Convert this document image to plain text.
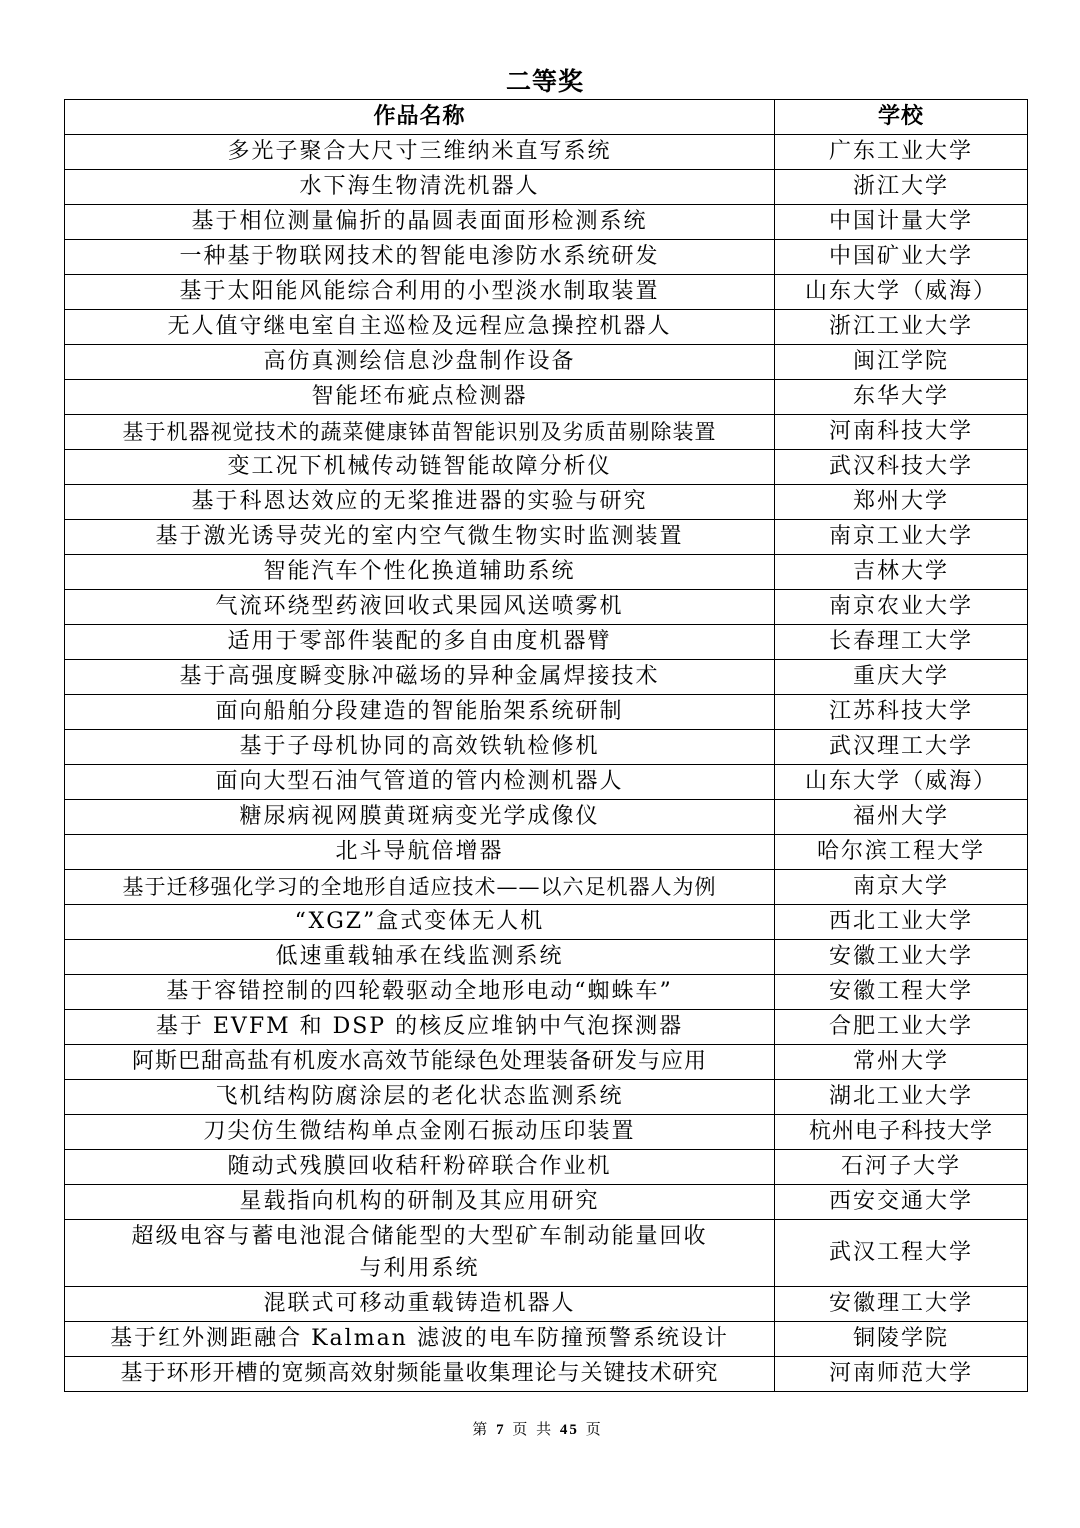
二等奖
作品名称	学校
多光子聚合大尺寸三维纳米直写系统	广东工业大学
水下海生物清洗机器人	浙江大学
基于相位测量偏折的晶圆表面面形检测系统	中国计量大学
一种基于物联网技术的智能电渗防水系统研发	中国矿业大学
基于太阳能风能综合利用的小型淡水制取装置	山东大学（威海）
无人值守继电室自主巡检及远程应急操控机器人	浙江工业大学
高仿真测绘信息沙盘制作设备	闽江学院
智能坯布疵点检测器	东华大学
基于机器视觉技术的蔬菜健康钵苗智能识别及劣质苗剔除装置	河南科技大学
变工况下机械传动链智能故障分析仪	武汉科技大学
基于科恩达效应的无桨推进器的实验与研究	郑州大学
基于激光诱导荧光的室内空气微生物实时监测装置	南京工业大学
智能汽车个性化换道辅助系统	吉林大学
气流环绕型药液回收式果园风送喷雾机	南京农业大学
适用于零部件装配的多自由度机器臂	长春理工大学
基于高强度瞬变脉冲磁场的异种金属焊接技术	重庆大学
面向船舶分段建造的智能胎架系统研制	江苏科技大学
基于子母机协同的高效铁轨检修机	武汉理工大学
面向大型石油气管道的管内检测机器人	山东大学（威海）
糖尿病视网膜黄斑病变光学成像仪	福州大学
北斗导航倍增器	哈尔滨工程大学
基于迁移强化学习的全地形自适应技术——以六足机器人为例	南京大学
“XGZ”盒式变体无人机	西北工业大学
低速重载轴承在线监测系统	安徽工业大学
基于容错控制的四轮毂驱动全地形电动“蜘蛛车”	安徽工程大学
基于 EVFM 和 DSP 的核反应堆钠中气泡探测器	合肥工业大学
阿斯巴甜高盐有机废水高效节能绿色处理装备研发与应用	常州大学
飞机结构防腐涂层的老化状态监测系统	湖北工业大学
刀尖仿生微结构单点金刚石振动压印装置	杭州电子科技大学
随动式残膜回收秸秆粉碎联合作业机	石河子大学
星载指向机构的研制及其应用研究	西安交通大学
超级电容与蓄电池混合储能型的大型矿车制动能量回收
与利用系统	武汉工程大学
混联式可移动重载铸造机器人	安徽理工大学
基于红外测距融合 Kalman 滤波的电车防撞预警系统设计	铜陵学院
基于环形开槽的宽频高效射频能量收集理论与关键技术研究	河南师范大学
第 7 页 共 45 页
